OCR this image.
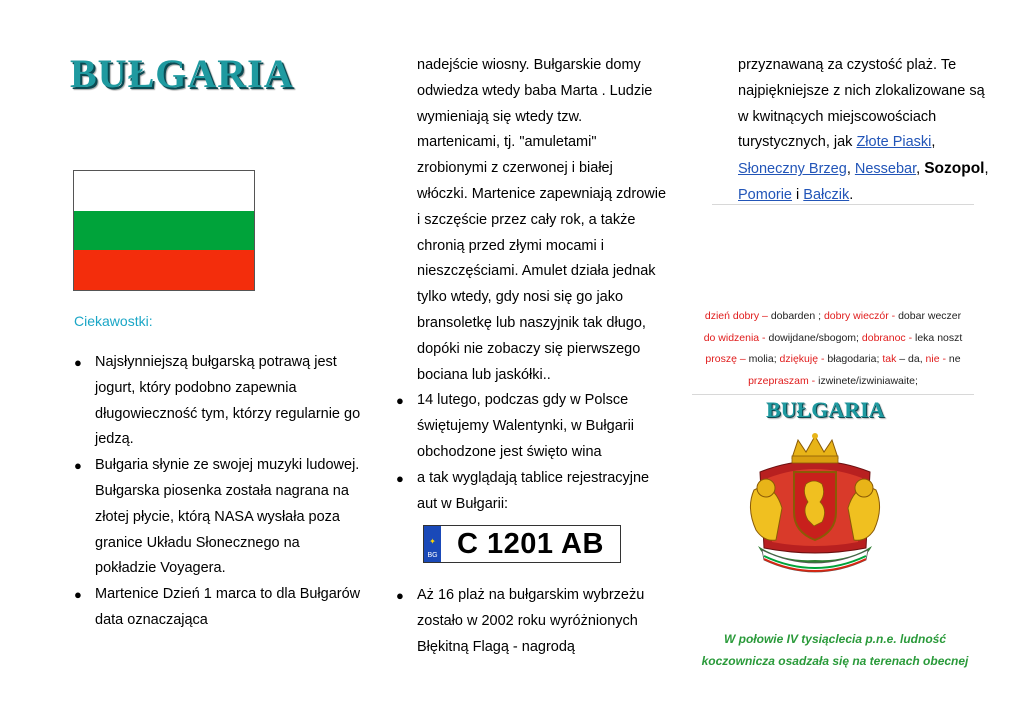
BUŁGARIA
Ciekawostki:
● Najsłynniejszą bułgarską potrawą jest jogurt, który podobno zapewnia długowieczność tym, którzy regularnie go jedzą.
● Bułgaria słynie ze swojej muzyki ludowej. Bułgarska piosenka została nagrana na złotej płycie, którą NASA wysłała poza granice Układu Słonecznego na pokładzie Voyagera.
● Martenice Dzień 1 marca to dla Bułgarów data oznaczająca

nadejście wiosny. Bułgarskie domy odwiedza wtedy baba Marta . Ludzie wymieniają się wtedy tzw. martenicami, tj. "amuletami" zrobionymi z czerwonej i białej włóczki. Martenice zapewniają zdrowie i szczęście przez cały rok, a także chronią przed złymi mocami i nieszczęściami. Amulet działa jednak tylko wtedy, gdy nosi się go jako bransoletkę lub naszyjnik tak długo, dopóki nie zobaczy się pierwszego bociana lub jaskółki..

● 14 lutego, podczas gdy w Polsce świętujemy Walentynki, w Bułgarii obchodzone jest święto wina
● a tak wyglądają tablice rejestracyjne aut w Bułgarii:
✦
BG C 1201 AB
● Aż 16 plaż na bułgarskim wybrzeżu zostało w 2002 roku wyróżnionych Błękitną Flagą - nagrodą

przyznawaną za czystość plaż. Te najpiękniejsze z nich zlokalizowane są w kwitnących miejscowościach turystycznych, jak Złote Piaski, Słoneczny Brzeg, Nessebar, Sozopol, Pomorie i Bałczik.

dzień dobry – dobarden ; dobry wieczór - dobar weczer
do widzenia - dowijdane/sbogom; dobranoc - leka noszt
proszę – molia; dziękuję - błagodaria; tak – da, nie - ne
przepraszam - izwinete/izwiniawaite;
BUŁGARIA
W połowie IV tysiąclecia p.n.e. ludność
koczownicza osadzała się na terenach obecnej
